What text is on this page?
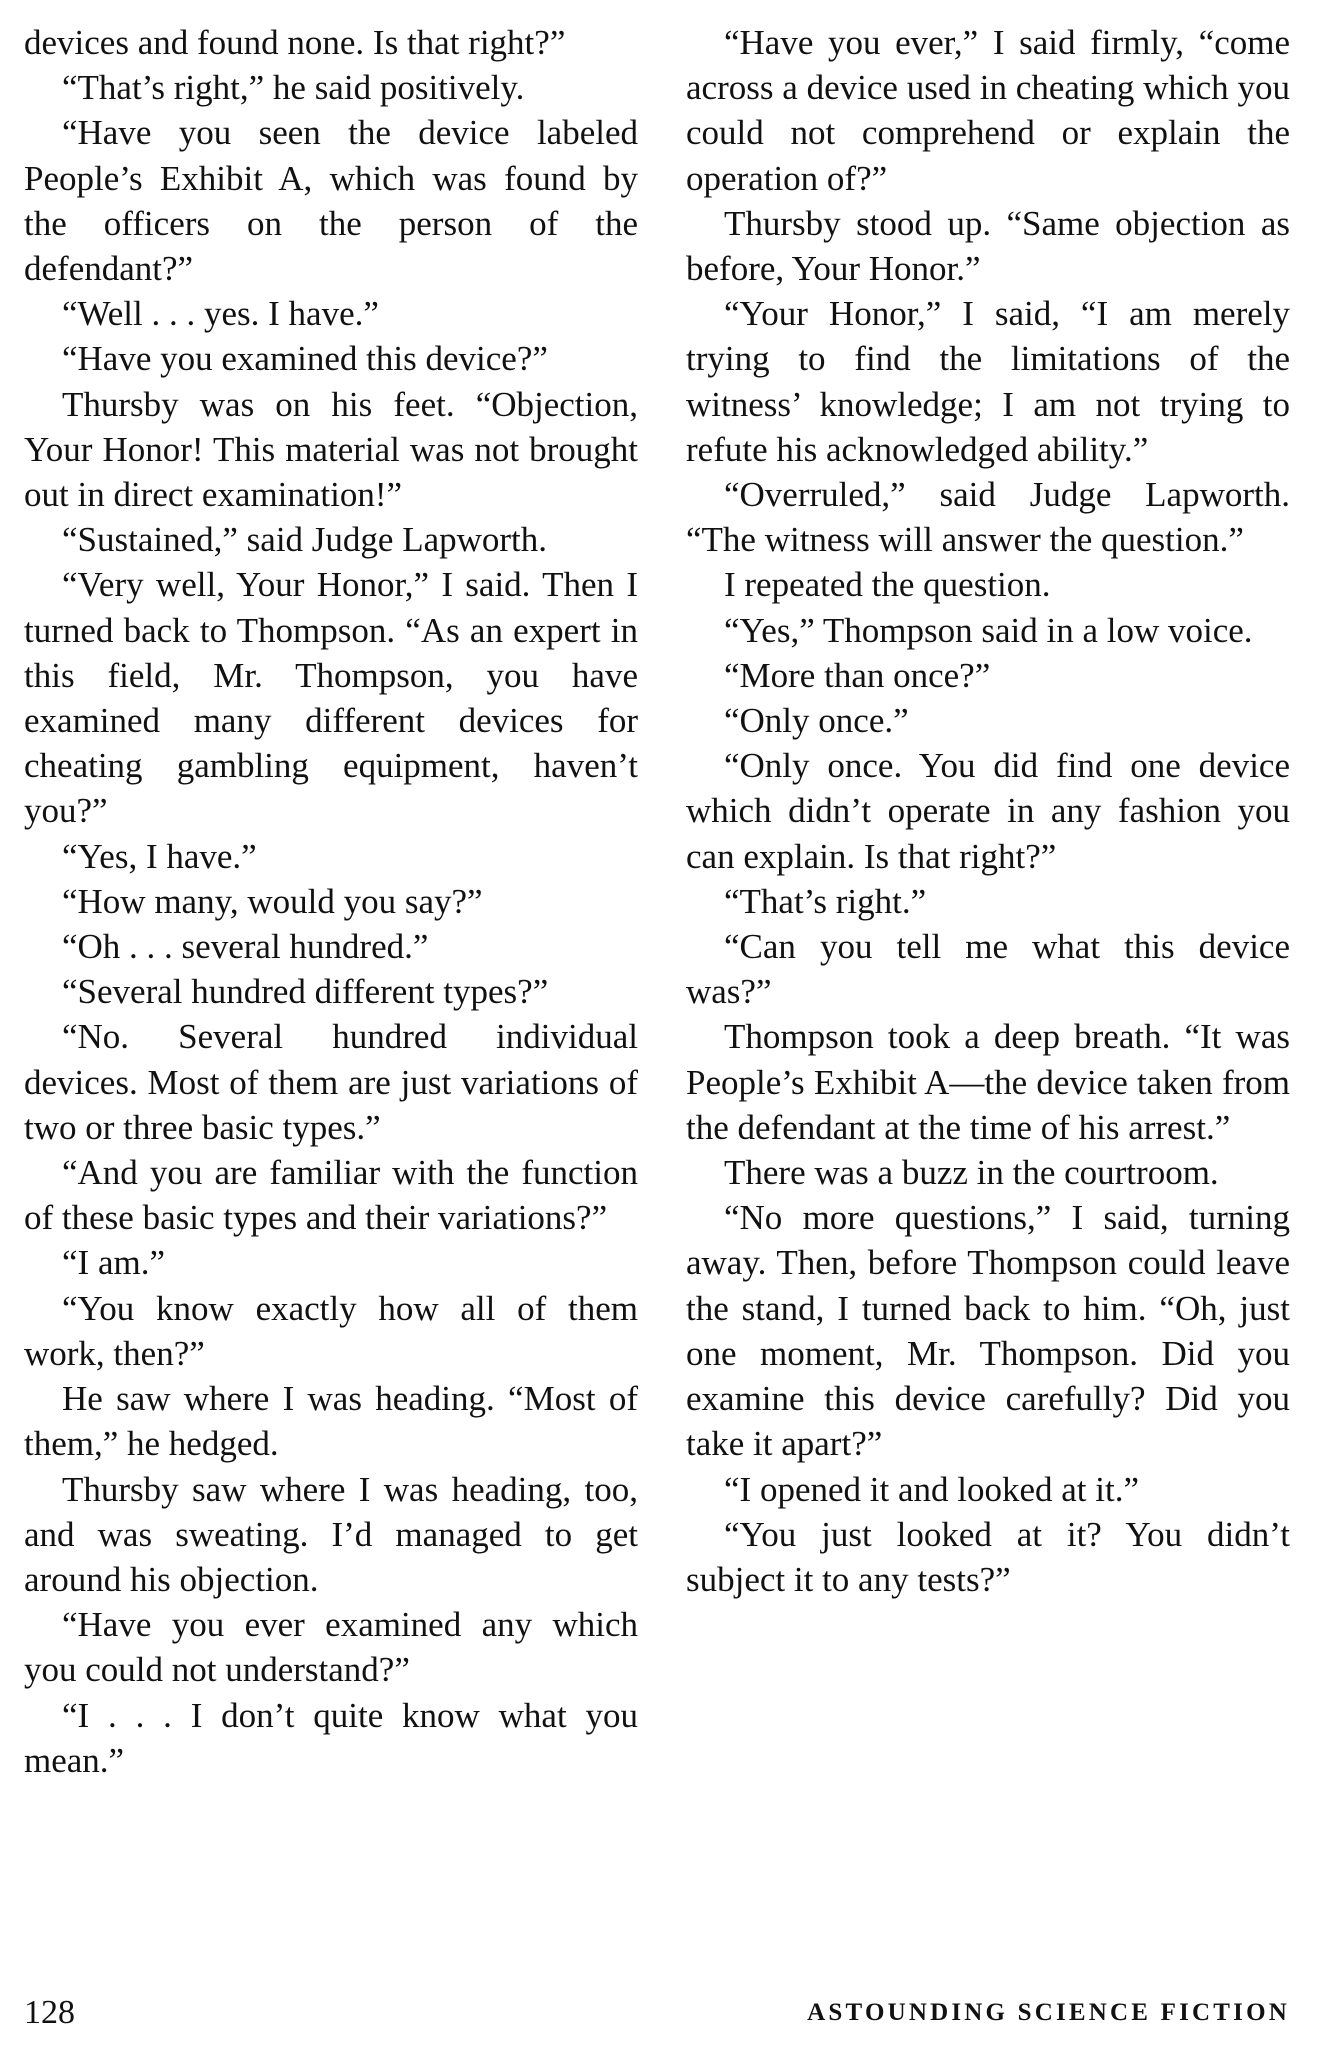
devices and found none. Is that right?”

“That’s right,” he said positively.

“Have you seen the device labeled People’s Exhibit A, which was found by the officers on the person of the defendant?”

“Well . . . yes. I have.”

“Have you examined this device?”

Thursby was on his feet. “Objection, Your Honor! This material was not brought out in direct examination!”

“Sustained,” said Judge Lapworth.

“Very well, Your Honor,” I said. Then I turned back to Thompson. “As an expert in this field, Mr. Thompson, you have examined many different devices for cheating gambling equipment, haven’t you?”

“Yes, I have.”

“How many, would you say?”

“Oh . . . several hundred.”

“Several hundred different types?”

“No. Several hundred individual devices. Most of them are just variations of two or three basic types.”

“And you are familiar with the function of these basic types and their variations?”

“I am.”

“You know exactly how all of them work, then?”

He saw where I was heading. “Most of them,” he hedged.

Thursby saw where I was heading, too, and was sweating. I’d managed to get around his objection.

“Have you ever examined any which you could not understand?”

“I . . . I don’t quite know what you mean.”

“Have you ever,” I said firmly, “come across a device used in cheating which you could not comprehend or explain the operation of?”

Thursby stood up. “Same objection as before, Your Honor.”

“Your Honor,” I said, “I am merely trying to find the limitations of the witness’ knowledge; I am not trying to refute his acknowledged ability.”

“Overruled,” said Judge Lapworth. “The witness will answer the question.”

I repeated the question.

“Yes,” Thompson said in a low voice.

“More than once?”

“Only once.”

“Only once. You did find one device which didn’t operate in any fashion you can explain. Is that right?”

“That’s right.”

“Can you tell me what this device was?”

Thompson took a deep breath. “It was People’s Exhibit A—the device taken from the defendant at the time of his arrest.”

There was a buzz in the courtroom.

“No more questions,” I said, turning away. Then, before Thompson could leave the stand, I turned back to him. “Oh, just one moment, Mr. Thompson. Did you examine this device carefully? Did you take it apart?”

“I opened it and looked at it.”

“You just looked at it? You didn’t subject it to any tests?”

128	ASTOUNDING SCIENCE FICTION
